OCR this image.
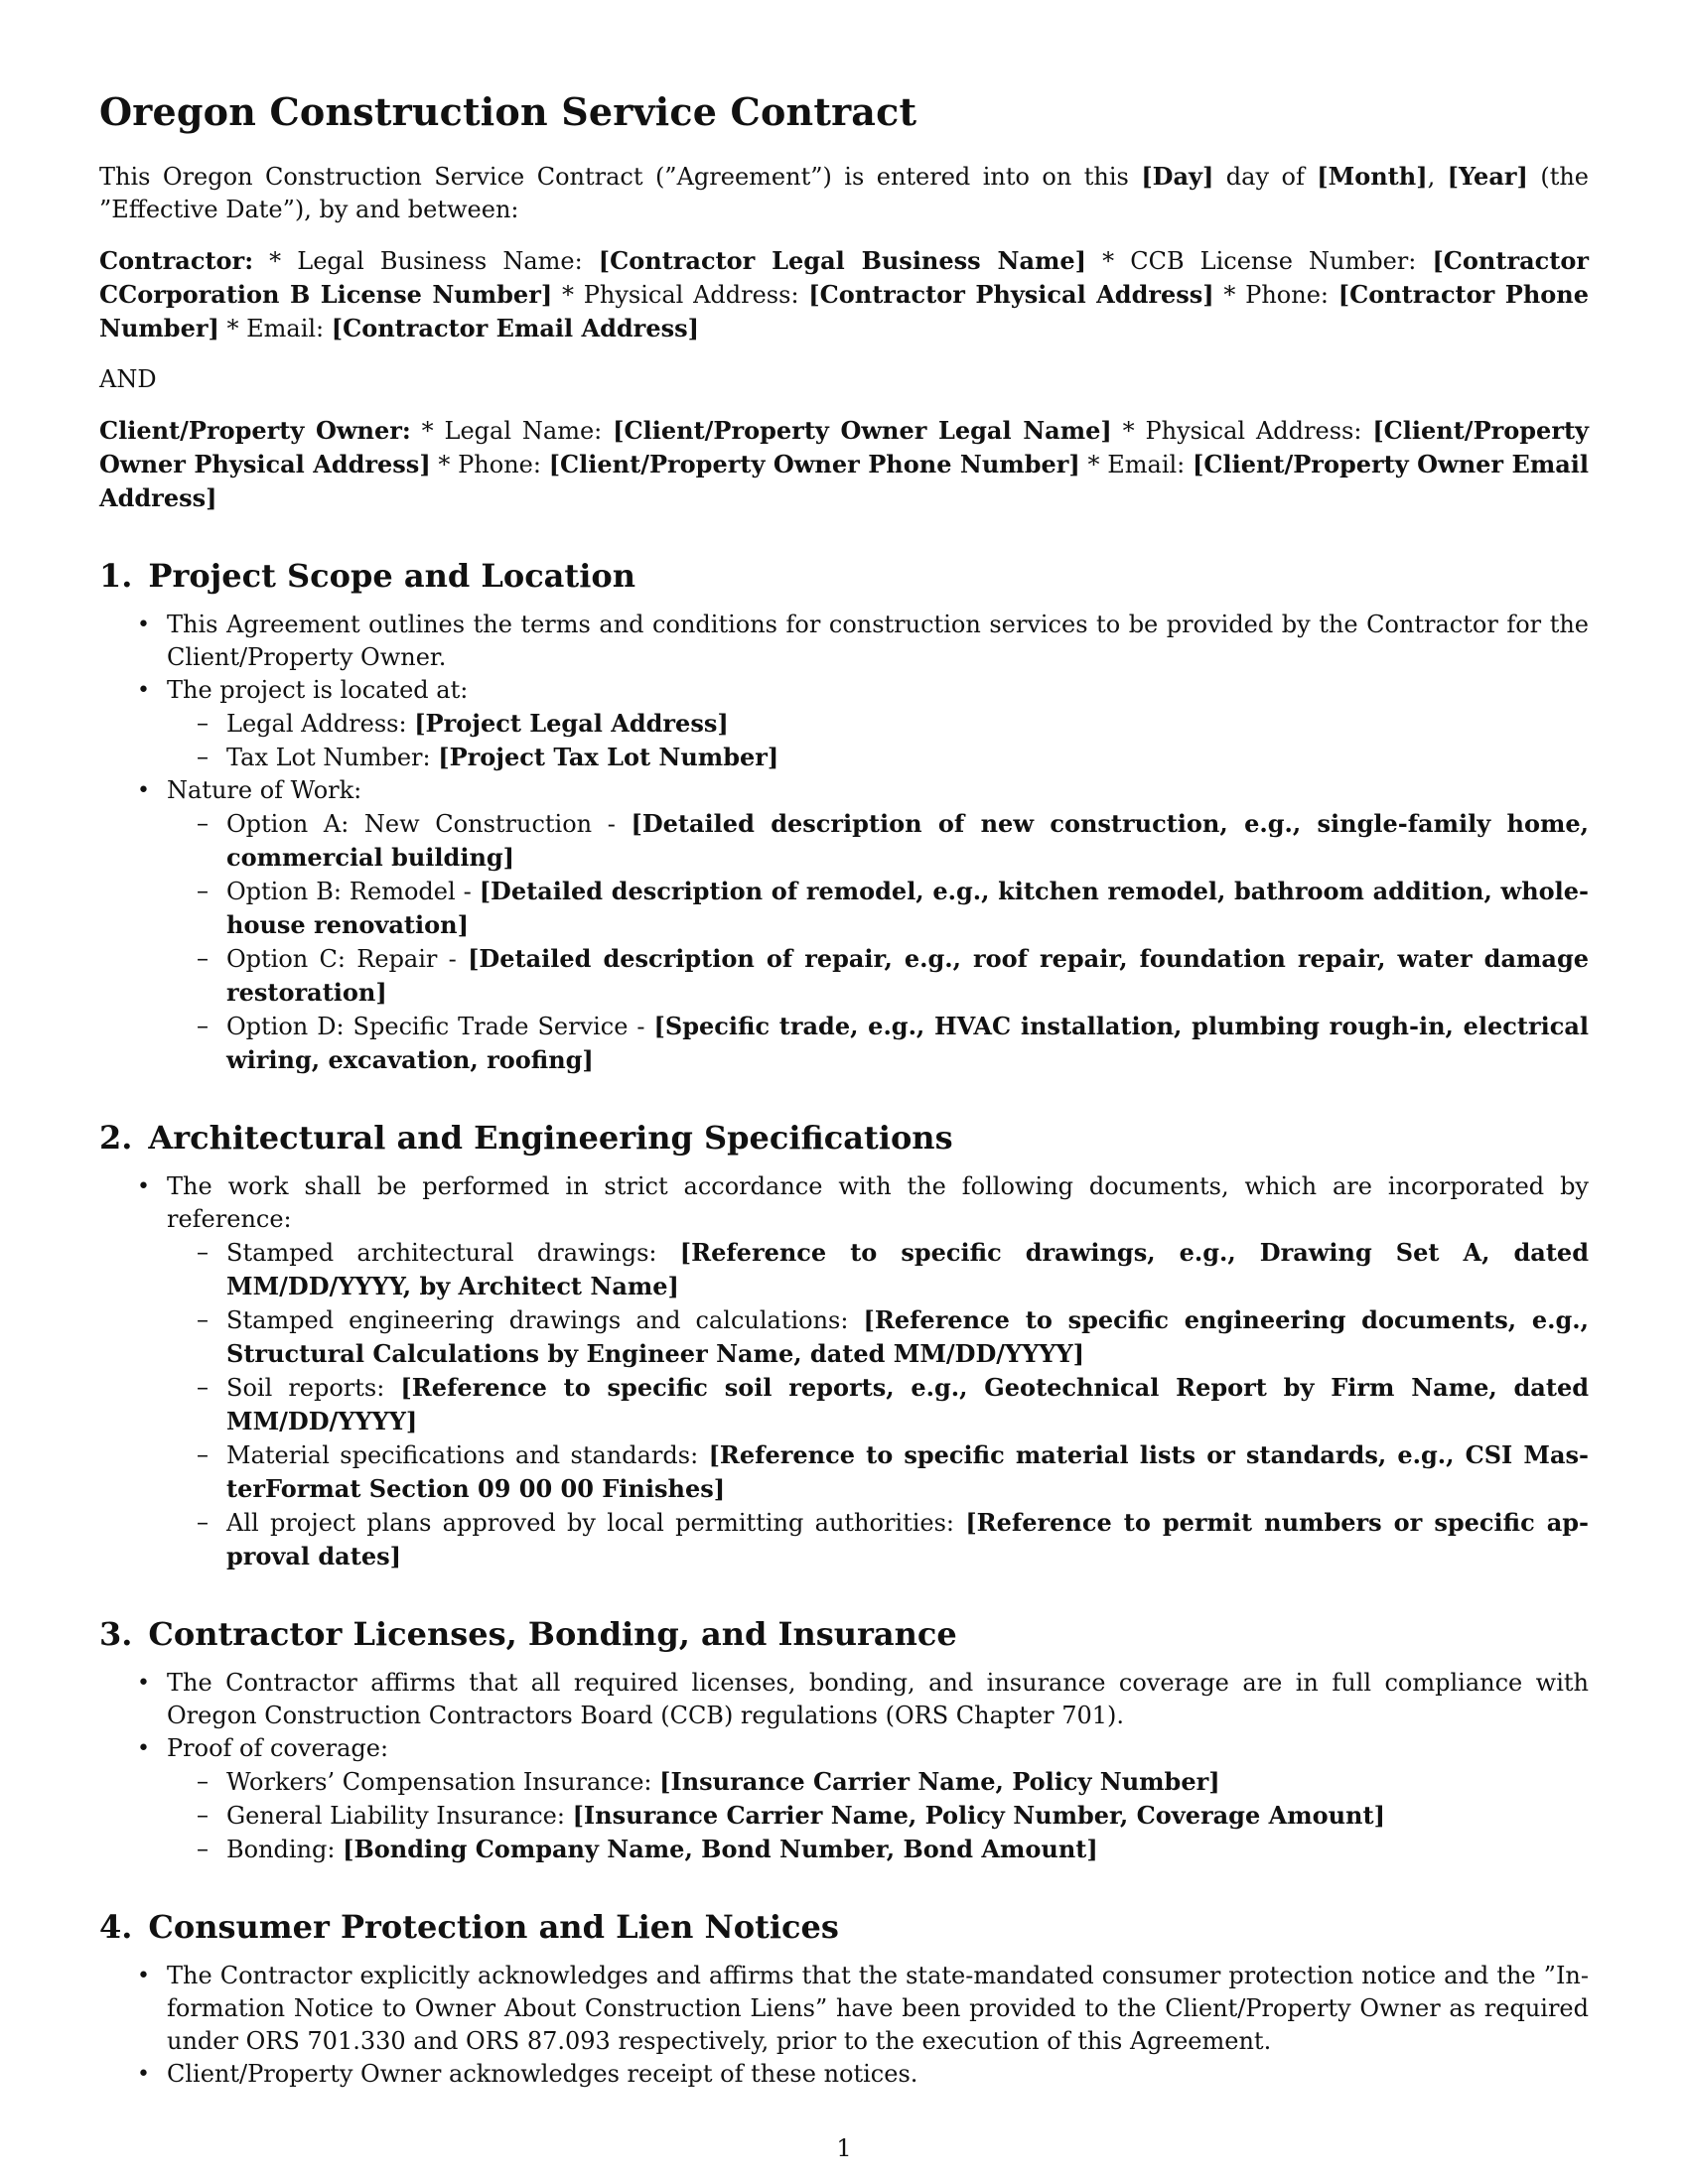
Oregon Construction Service Contract

This Oregon Construction Service Contract (”Agreement”) is entered into on this [Day] day of [Month], [Year] (the ”Effective Date”), by and between:

Contractor: * Legal Business Name: [Contractor Legal Business Name] * CCB License Number: [Contractor CCorporation B License Number] * Physical Address: [Contractor Physical Address] * Phone: [Contractor Phone Number] * Email: [Contractor Email Address]

AND

Client/Property Owner: * Legal Name: [Client/Property Owner Legal Name] * Physical Address: [Client/Property Owner Physical Address] * Phone: [Client/Property Owner Phone Number] * Email: [Client/Property Owner Email Address]

1. Project Scope and Location
• This Agreement outlines the terms and conditions for construction services to be provided by the Contractor for the Client/Property Owner.
• The project is located at:
– Legal Address: [Project Legal Address]
– Tax Lot Number: [Project Tax Lot Number]
• Nature of Work:
– Option A: New Construction - [Detailed description of new construction, e.g., single-family home, commercial building]
– Option B: Remodel - [Detailed description of remodel, e.g., kitchen remodel, bathroom addition, whole-house renovation]
– Option C: Repair - [Detailed description of repair, e.g., roof repair, foundation repair, water damage restoration]
– Option D: Specific Trade Service - [Specific trade, e.g., HVAC installation, plumbing rough-in, electrical wiring, excavation, roofing]
2. Architectural and Engineering Specifications
• The work shall be performed in strict accordance with the following documents, which are incorporated by reference:
– Stamped architectural drawings: [Reference to specific drawings, e.g., Drawing Set A, dated MM/DD/YYYY, by Architect Name]
– Stamped engineering drawings and calculations: [Reference to specific engineering documents, e.g., Structural Calculations by Engineer Name, dated MM/DD/YYYY]
– Soil reports: [Reference to specific soil reports, e.g., Geotechnical Report by Firm Name, dated MM/DD/YYYY]
– Material specifications and standards: [Reference to specific material lists or standards, e.g., CSI MasterFormat Section 09 00 00 Finishes]
– All project plans approved by local permitting authorities: [Reference to permit numbers or specific approval dates]
3. Contractor Licenses, Bonding, and Insurance
• The Contractor affirms that all required licenses, bonding, and insurance coverage are in full compliance with Oregon Construction Contractors Board (CCB) regulations (ORS Chapter 701).
• Proof of coverage:
– Workers’ Compensation Insurance: [Insurance Carrier Name, Policy Number]
– General Liability Insurance: [Insurance Carrier Name, Policy Number, Coverage Amount]
– Bonding: [Bonding Company Name, Bond Number, Bond Amount]
4. Consumer Protection and Lien Notices
• The Contractor explicitly acknowledges and affirms that the state-mandated consumer protection notice and the ”Information Notice to Owner About Construction Liens” have been provided to the Client/Property Owner as required under ORS 701.330 and ORS 87.093 respectively, prior to the execution of this Agreement.
• Client/Property Owner acknowledges receipt of these notices.
1
